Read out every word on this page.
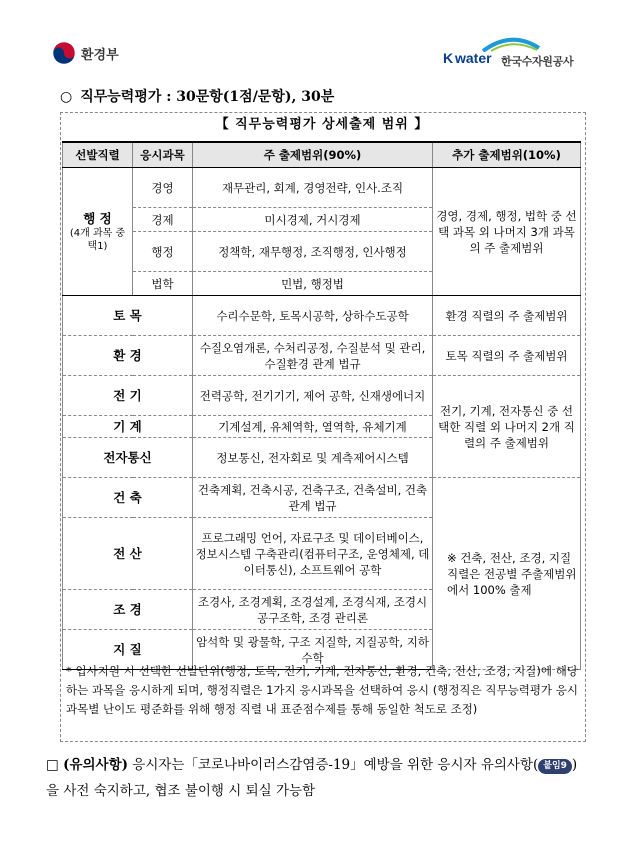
환경부	K water 한국수자원공사
○ 직무능력평가 : 30문항(1점/문항), 30분
【 직무능력평가 상세출제 범위 】
선발직렬	응시과목	주 출제범위(90%)	추가 출제범위(10%)

행 정
(4개 과목 중 택1)	경영	재무관리, 회계, 경영전략, 인사.조직	경영, 경제, 행정, 법학 중 선택 과목 외 나머지 3개 과목의 주 출제범위
	경제	미시경제, 거시경제	
	행정	정책학, 재무행정, 조직행정, 인사행정	
	법학	민법, 행정법	
토 목		수리수문학, 토목시공학, 상하수도공학	환경 직렬의 주 출제범위
환 경		수질오염개론, 수처리공정, 수질분석 및 관리, 수질환경 관계 법규	토목 직렬의 주 출제범위
전 기		전력공학, 전기기기, 제어 공학, 신재생에너지	전기, 기계, 전자통신 중 선택한 직렬 외 나머지 2개 직렬의 주 출제범위
기 계		기계설계, 유체역학, 열역학, 유체기계	
전자통신		정보통신, 전자회로 및 계측제어시스템	
건 축		건축계획, 건축시공, 건축구조, 건축설비, 건축 관계 법규	※ 건축, 전산, 조경, 지질 직렬은 전공별 주출제범위에서 100% 출제
전 산		프로그래밍 언어, 자료구조 및 데이터베이스, 정보시스템 구축관리(컴퓨터구조, 운영체제, 데이터통신), 소프트웨어 공학	
조 경		조경사, 조경계획, 조경설계, 조경식재, 조경시공구조학, 조경 관리론	
지 질		암석학 및 광물학, 구조 지질학, 지질공학, 지하수학	
* 입사지원 시 선택한 선발단위(행정, 토목, 전기, 기계, 전자통신, 환경, 건축, 전산, 조경, 지질)에 해당하는 과목을 응시하게 되며, 행정직렬은 1가지 응시과목을 선택하여 응시 (행정직은 직무능력평가 응시과목별 난이도 평준화를 위해 행정 직렬 내 표준점수제를 통해 동일한 척도로 조정)
□ (유의사항) 응시자는「코로나바이러스감염증-19」예방을 위한 응시자 유의사항( 붙임9 )을 사전 숙지하고, 협조 불이행 시 퇴실 가능함
